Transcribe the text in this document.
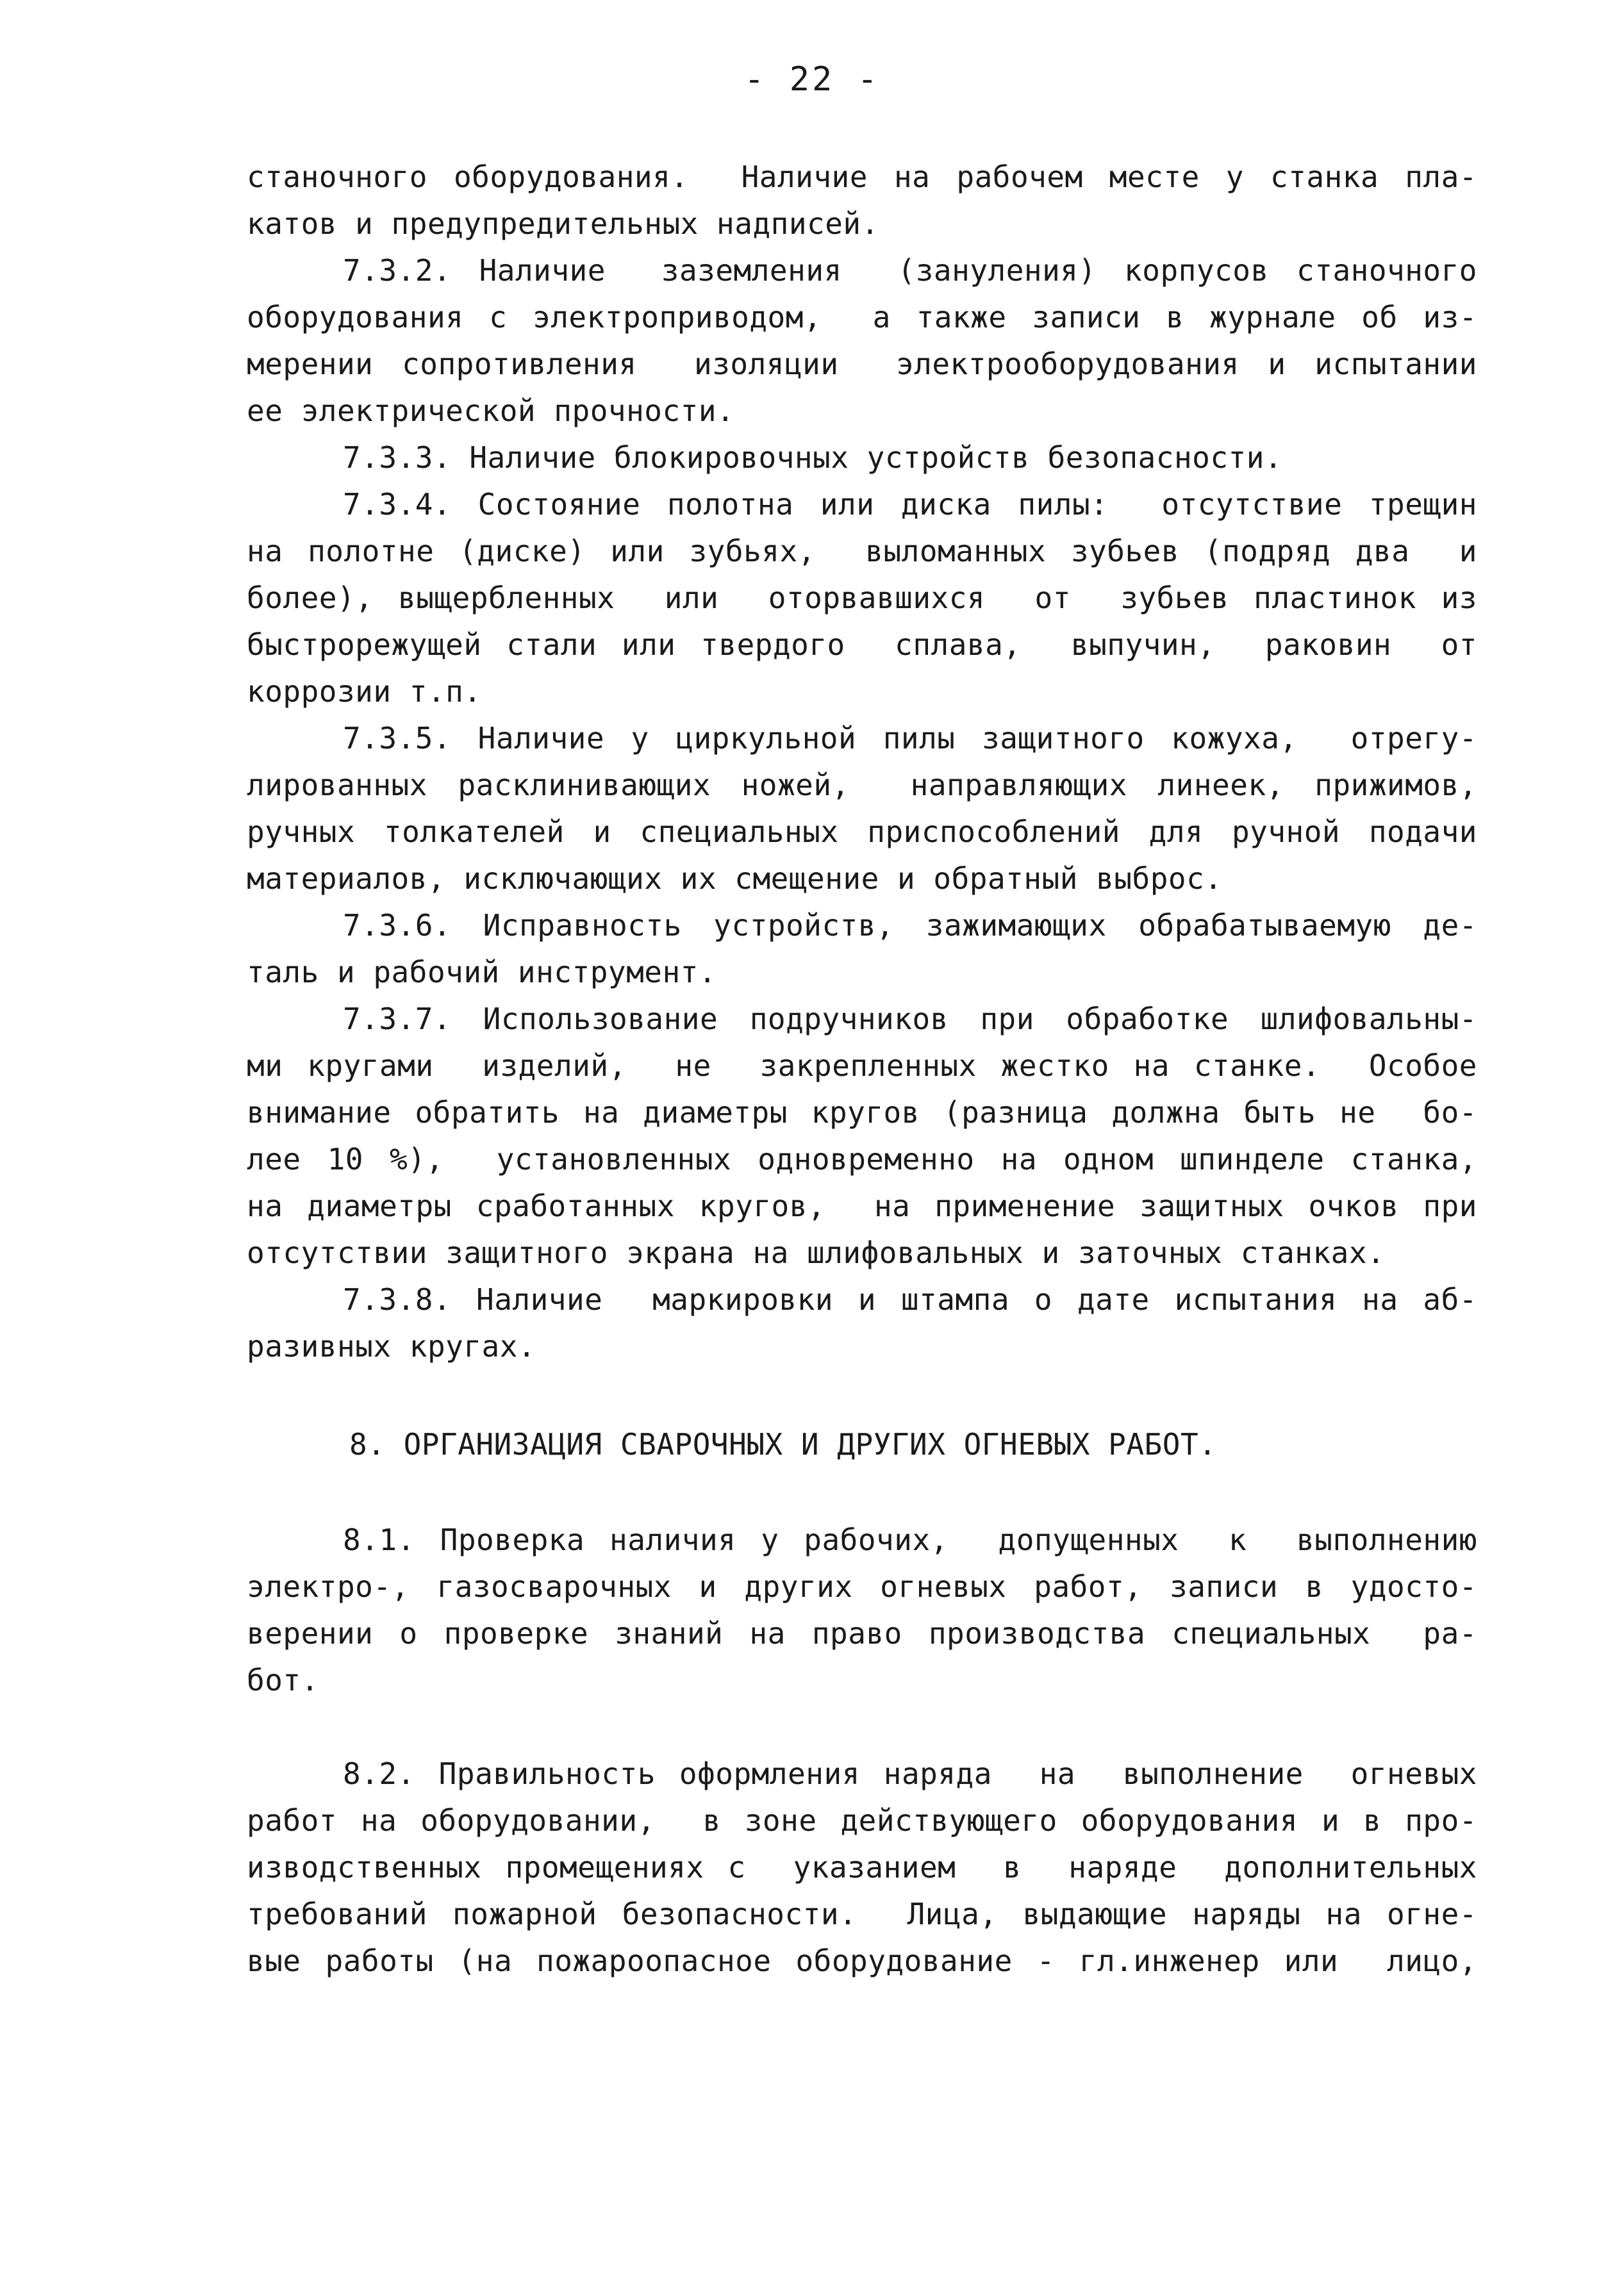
- 22 -
станочного оборудования.  Наличие на рабочем месте у станка пла-
катов и предупредительных надписей.
7.3.2. Наличие  заземления  (зануления) корпусов станочного
оборудования с электроприводом,  а также записи в журнале об из-
мерении сопротивления  изоляции  электрооборудования и испытании
ее электрической прочности.
7.3.3. Наличие блокировочных устройств безопасности.
7.3.4. Состояние полотна или диска пилы:  отсутствие трещин
на полотне (диске) или зубьях,  выломанных зубьев (подряд два  и
более), выщербленных  или  оторвавшихся  от  зубьев пластинок из
быстрорежущей стали или твердого  сплава,  выпучин,  раковин  от
коррозии т.п.
7.3.5. Наличие у циркульной пилы защитного кожуха,  отрегу-
лированных расклинивающих ножей,  направляющих линеек, прижимов,
ручных толкателей и специальных приспособлений для ручной подачи
материалов, исключающих их смещение и обратный выброс.
7.3.6. Исправность устройств, зажимающих обрабатываемую де-
таль и рабочий инструмент.
7.3.7. Использование подручников при обработке шлифовальны-
ми кругами  изделий,  не  закрепленных жестко на станке.  Особое
внимание обратить на диаметры кругов (разница должна быть не  бо-
лее 10 %),  установленных одновременно на одном шпинделе станка,
на диаметры сработанных кругов,  на применение защитных очков при
отсутствии защитного экрана на шлифовальных и заточных станках.
7.3.8. Наличие  маркировки и штампа о дате испытания на аб-
разивных кругах.
8. ОРГАНИЗАЦИЯ СВАРОЧНЫХ И ДРУГИХ ОГНЕВЫХ РАБОТ.
8.1. Проверка наличия у рабочих,  допущенных  к  выполнению
электро-, газосварочных и других огневых работ, записи в удосто-
верении о проверке знаний на право производства специальных  ра-
бот.
8.2. Правильность оформления наряда  на  выполнение  огневых
работ на оборудовании,  в зоне действующего оборудования и в про-
изводственных промещениях с  указанием  в  наряде  дополнительных
требований пожарной безопасности.  Лица, выдающие наряды на огне-
вые работы (на пожароопасное оборудование - гл.инженер или  лицо,
